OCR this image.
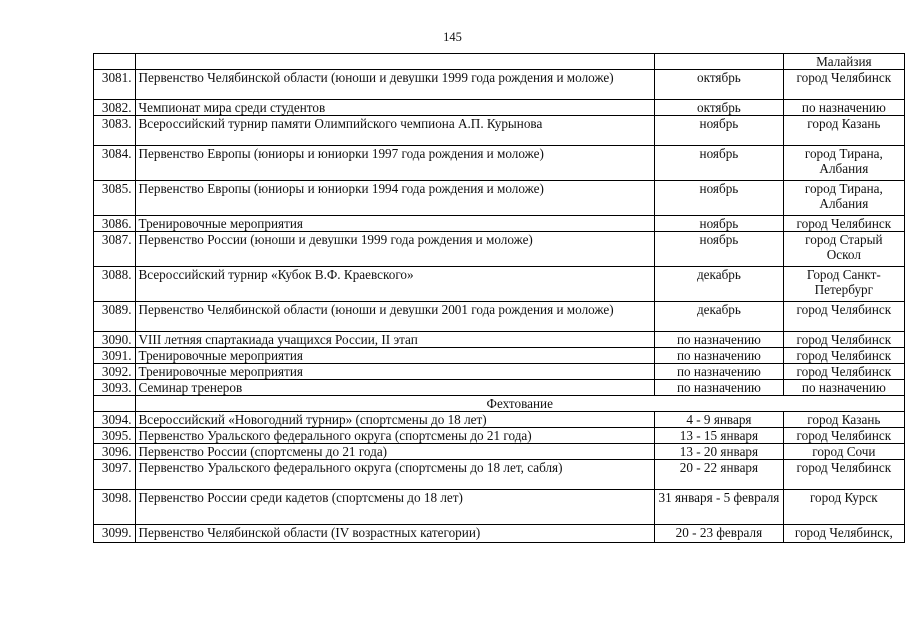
145
			Малайзия
3081.	Первенство Челябинской области (юноши и девушки 1999 года рождения и моложе)	октябрь	город Челябинск
3082.	Чемпионат мира среди студентов	октябрь	по назначению
3083.	Всероссийский турнир памяти Олимпийского чемпиона А.П. Курынова	ноябрь	город Казань
3084.	Первенство Европы (юниоры и юниорки 1997 года рождения и моложе)	ноябрь	город Тирана, Албания
3085.	Первенство Европы (юниоры и юниорки 1994 года рождения и моложе)	ноябрь	город Тирана, Албания
3086.	Тренировочные мероприятия	ноябрь	город Челябинск
3087.	Первенство России (юноши и девушки 1999 года рождения и моложе)	ноябрь	город Старый Оскол
3088.	Всероссийский турнир «Кубок В.Ф. Краевского»	декабрь	Город Санкт-Петербург
3089.	Первенство Челябинской области (юноши и девушки 2001 года рождения и моложе)	декабрь	город Челябинск
3090.	VIII летняя спартакиада учащихся России, II этап	по назначению	город Челябинск
3091.	Тренировочные мероприятия	по назначению	город Челябинск
3092.	Тренировочные мероприятия	по назначению	город Челябинск
3093.	Семинар тренеров	по назначению	по назначению
	Фехтование		
3094.	Всероссийский «Новогодний турнир» (спортсмены до 18 лет)	4 - 9 января	город Казань
3095.	Первенство Уральского федерального округа (спортсмены до 21 года)	13 - 15 января	город Челябинск
3096.	Первенство России (спортсмены до 21 года)	13 - 20 января	город Сочи
3097.	Первенство Уральского федерального округа (спортсмены до 18 лет, сабля)	20 - 22 января	город Челябинск
3098.	Первенство России среди кадетов (спортсмены до 18 лет)	31 января - 5 февраля	город Курск
3099.	Первенство Челябинской области (IV возрастных категории)	20 - 23 февраля	город Челябинск,
